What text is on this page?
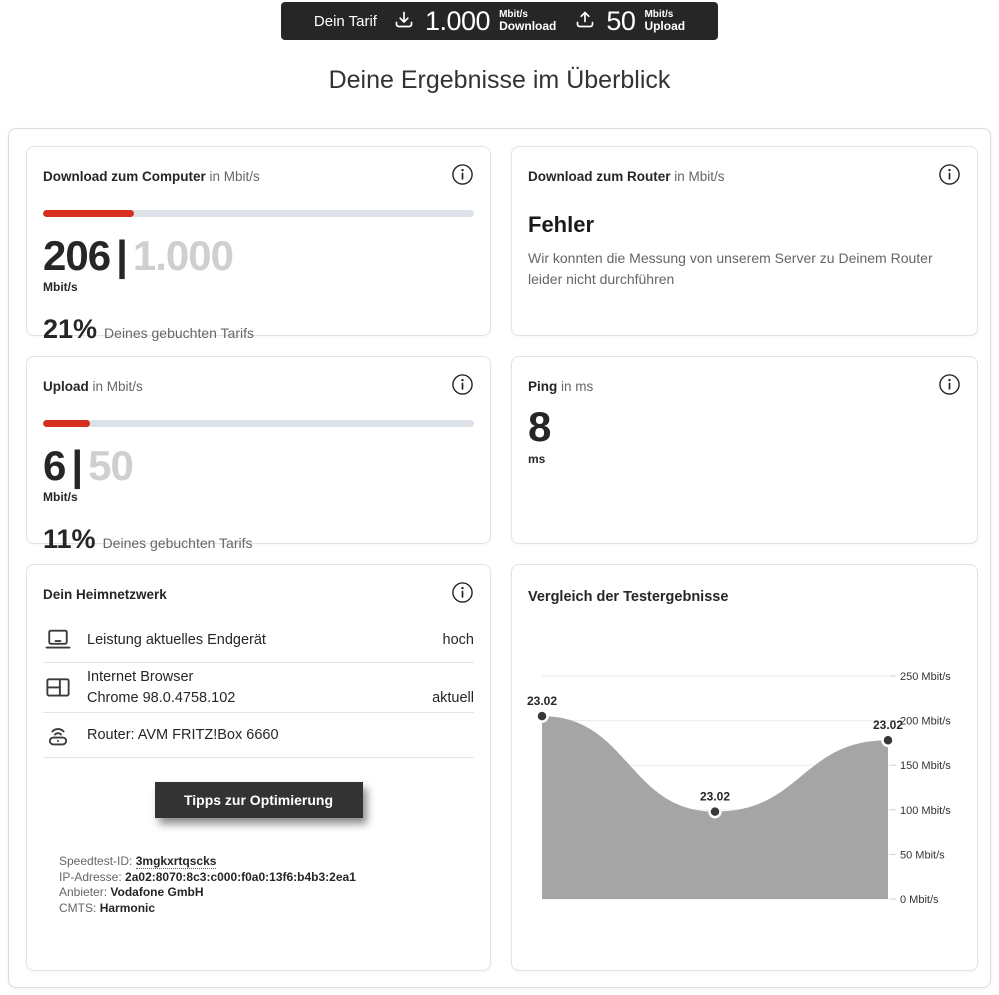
Dein Tarif 1.000 Mbit/s
Download 50 Mbit/s
Upload
Deine Ergebnisse im Überblick
Download zum Computer in Mbit/s
206 | 1.000
Mbit/s
21% Deines gebuchten Tarifs
Download zum Router in Mbit/s
Fehler
Wir konnten die Messung von unserem Server zu Deinem Router leider nicht durchführen
Upload in Mbit/s
6 | 50
Mbit/s
11% Deines gebuchten Tarifs
Ping in ms
8
ms
Dein Heimnetzwerk
Leistung aktuelles Endgerät	hoch
Internet Browser
Chrome 98.0.4758.102	aktuell
Router: AVM FRITZ!Box 6660
Tipps zur Optimierung
Speedtest-ID: 3mgkxrtqscks
IP-Adresse: 2a02:8070:8c3:c000:f0a0:13f6:b4b3:2ea1
Anbieter: Vodafone GmbH
CMTS: Harmonic
Vergleich der Testergebnisse
250 Mbit/s
200 Mbit/s
150 Mbit/s
100 Mbit/s
50 Mbit/s
0 Mbit/s
23.02
23.02
23.02
